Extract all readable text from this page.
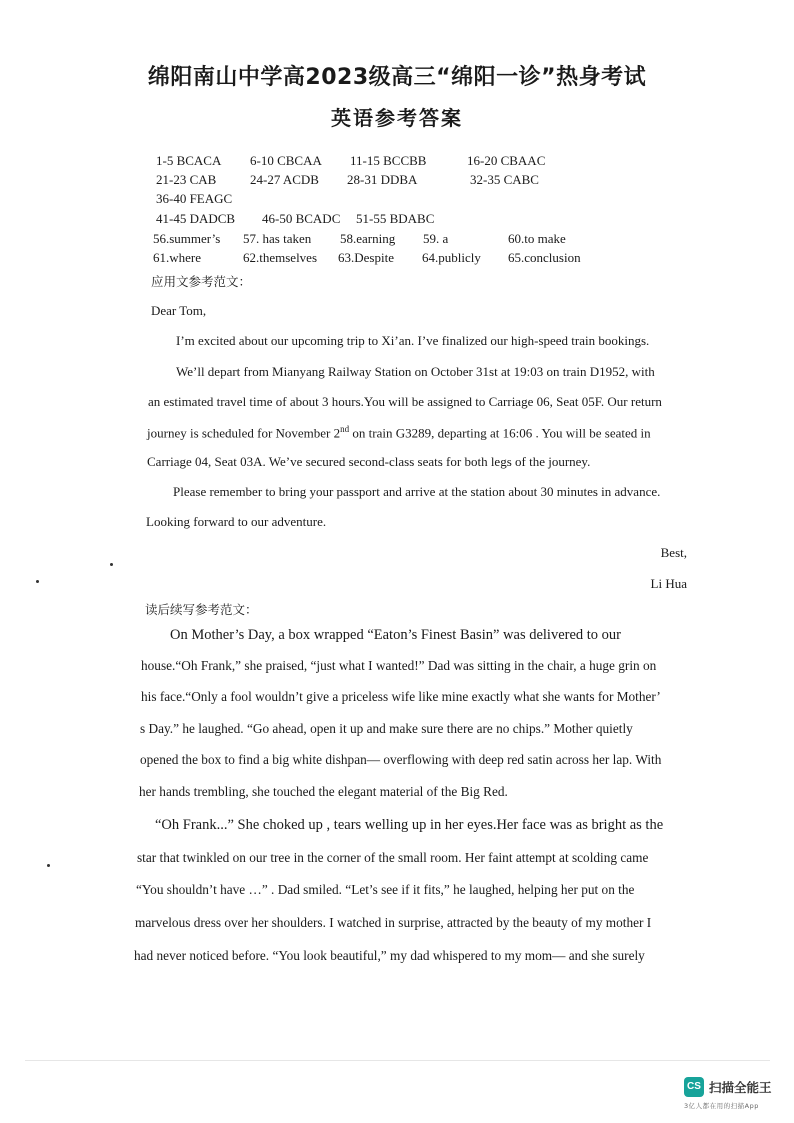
绵阳南山中学高2023级高三“绵阳一诊”热身考试
英语参考答案
1-5 BCACA 6-10 CBCAA 11-15 BCCBB	16-20 CBAAC
21-23 CAB	24-27 ACDB 28-31 DDBA	32-35 CABC
36-40 FEAGC
41-45 DADCB 46-50 BCADC 51-55 BDABC
56.summer’s 57. has taken 58.earning 59. a	60.to make
61.where	62.themselves 63.Despite 64.publicly 65.conclusion
应用文参考范文：
Dear Tom,
I’m excited about our upcoming trip to Xi’an. I’ve finalized our high-speed train bookings.
We’ll depart from Mianyang Railway Station on October 31st at 19:03 on train D1952, with
an estimated travel time of about 3 hours.You will be assigned to Carriage 06, Seat 05F. Our return
journey is scheduled for November 2nd on train G3289, departing at 16:06 . You will be seated in
Carriage 04, Seat 03A. We’ve secured second-class seats for both legs of the journey.
Please remember to bring your passport and arrive at the station about 30 minutes in advance.
Looking forward to our adventure.
Best,
Li Hua
读后续写参考范文：
On Mother’s Day, a box wrapped “Eaton’s Finest Basin” was delivered to our
house.“Oh Frank,” she praised, “just what I wanted!” Dad was sitting in the chair, a huge grin on
his face.“Only a fool wouldn’t give a priceless wife like mine exactly what she wants for Mother’
s Day.” he laughed. “Go ahead, open it up and make sure there are no chips.” Mother quietly
opened the box to find a big white dishpan— overflowing with deep red satin across her lap. With
her hands trembling, she touched the elegant material of the Big Red.
“Oh Frank...” She choked up , tears welling up in her eyes.Her face was as bright as the
star that twinkled on our tree in the corner of the small room. Her faint attempt at scolding came
“You shouldn’t have …” . Dad smiled. “Let’s see if it fits,” he laughed, helping her put on the
marvelous dress over her shoulders. I watched in surprise, attracted by the beauty of my mother I
had never noticed before. “You look beautiful,” my dad whispered to my mom— and she surely
CS 扫描全能王
3亿人都在用的扫描App
